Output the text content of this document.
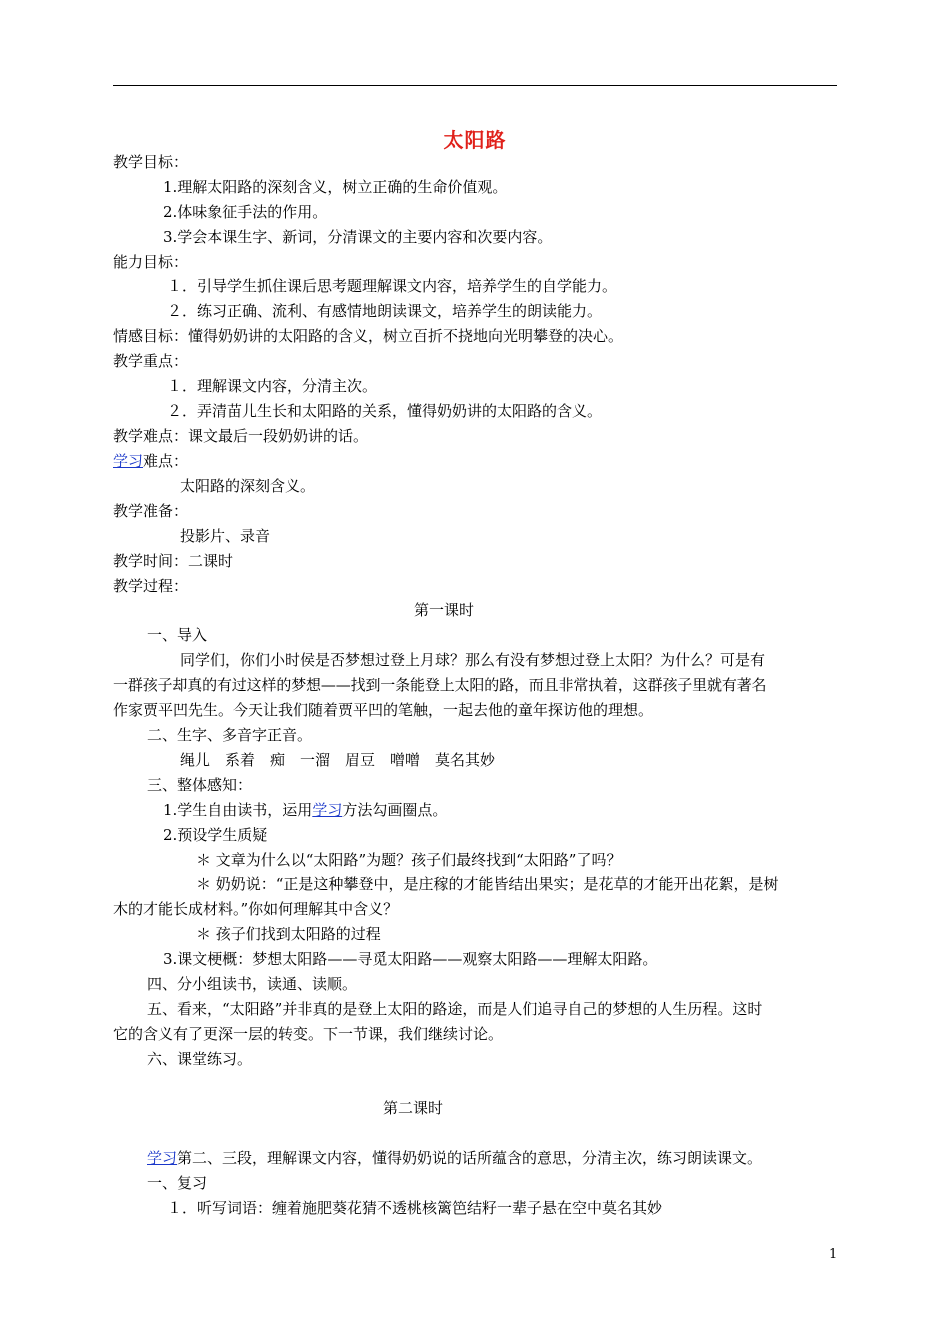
太阳路
教学目标：
1.理解太阳路的深刻含义，树立正确的生命价值观。
2.体味象征手法的作用。
3.学会本课生字、新词，分清课文的主要内容和次要内容。
能力目标：
１．引导学生抓住课后思考题理解课文内容，培养学生的自学能力。
２．练习正确、流利、有感情地朗读课文，培养学生的朗读能力。
情感目标：懂得奶奶讲的太阳路的含义，树立百折不挠地向光明攀登的决心。
教学重点：
１．理解课文内容，分清主次。
２．弄清苗儿生长和太阳路的关系，懂得奶奶讲的太阳路的含义。
教学难点：课文最后一段奶奶讲的话。
学习难点：
太阳路的深刻含义。
教学准备：
投影片、录音
教学时间：二课时
教学过程：
第一课时
一、导入
同学们，你们小时侯是否梦想过登上月球？那么有没有梦想过登上太阳？为什么？可是有
一群孩子却真的有过这样的梦想——找到一条能登上太阳的路，而且非常执着，这群孩子里就有著名
作家贾平凹先生。今天让我们随着贾平凹的笔触，一起去他的童年探访他的理想。
二、生字、多音字正音。
绳儿　系着　痴　一溜　眉豆　噌噌　莫名其妙
三、整体感知：
1.学生自由读书，运用学习方法勾画圈点。
2.预设学生质疑
＊ 文章为什么以“太阳路”为题？孩子们最终找到“太阳路”了吗？
＊ 奶奶说：“正是这种攀登中，是庄稼的才能皆结出果实；是花草的才能开出花絮，是树
木的才能长成材料。”你如何理解其中含义？
＊ 孩子们找到太阳路的过程
3.课文梗概：梦想太阳路——寻觅太阳路——观察太阳路——理解太阳路。
四、分小组读书，读通、读顺。
五、看来，“太阳路”并非真的是登上太阳的路途，而是人们追寻自己的梦想的人生历程。这时
它的含义有了更深一层的转变。下一节课，我们继续讨论。
六、课堂练习。
第二课时
学习第二、三段，理解课文内容，懂得奶奶说的话所蕴含的意思，分清主次，练习朗读课文。
一、复习
１．听写词语：缠着施肥葵花猜不透桃核篱笆结籽一辈子悬在空中莫名其妙
1
